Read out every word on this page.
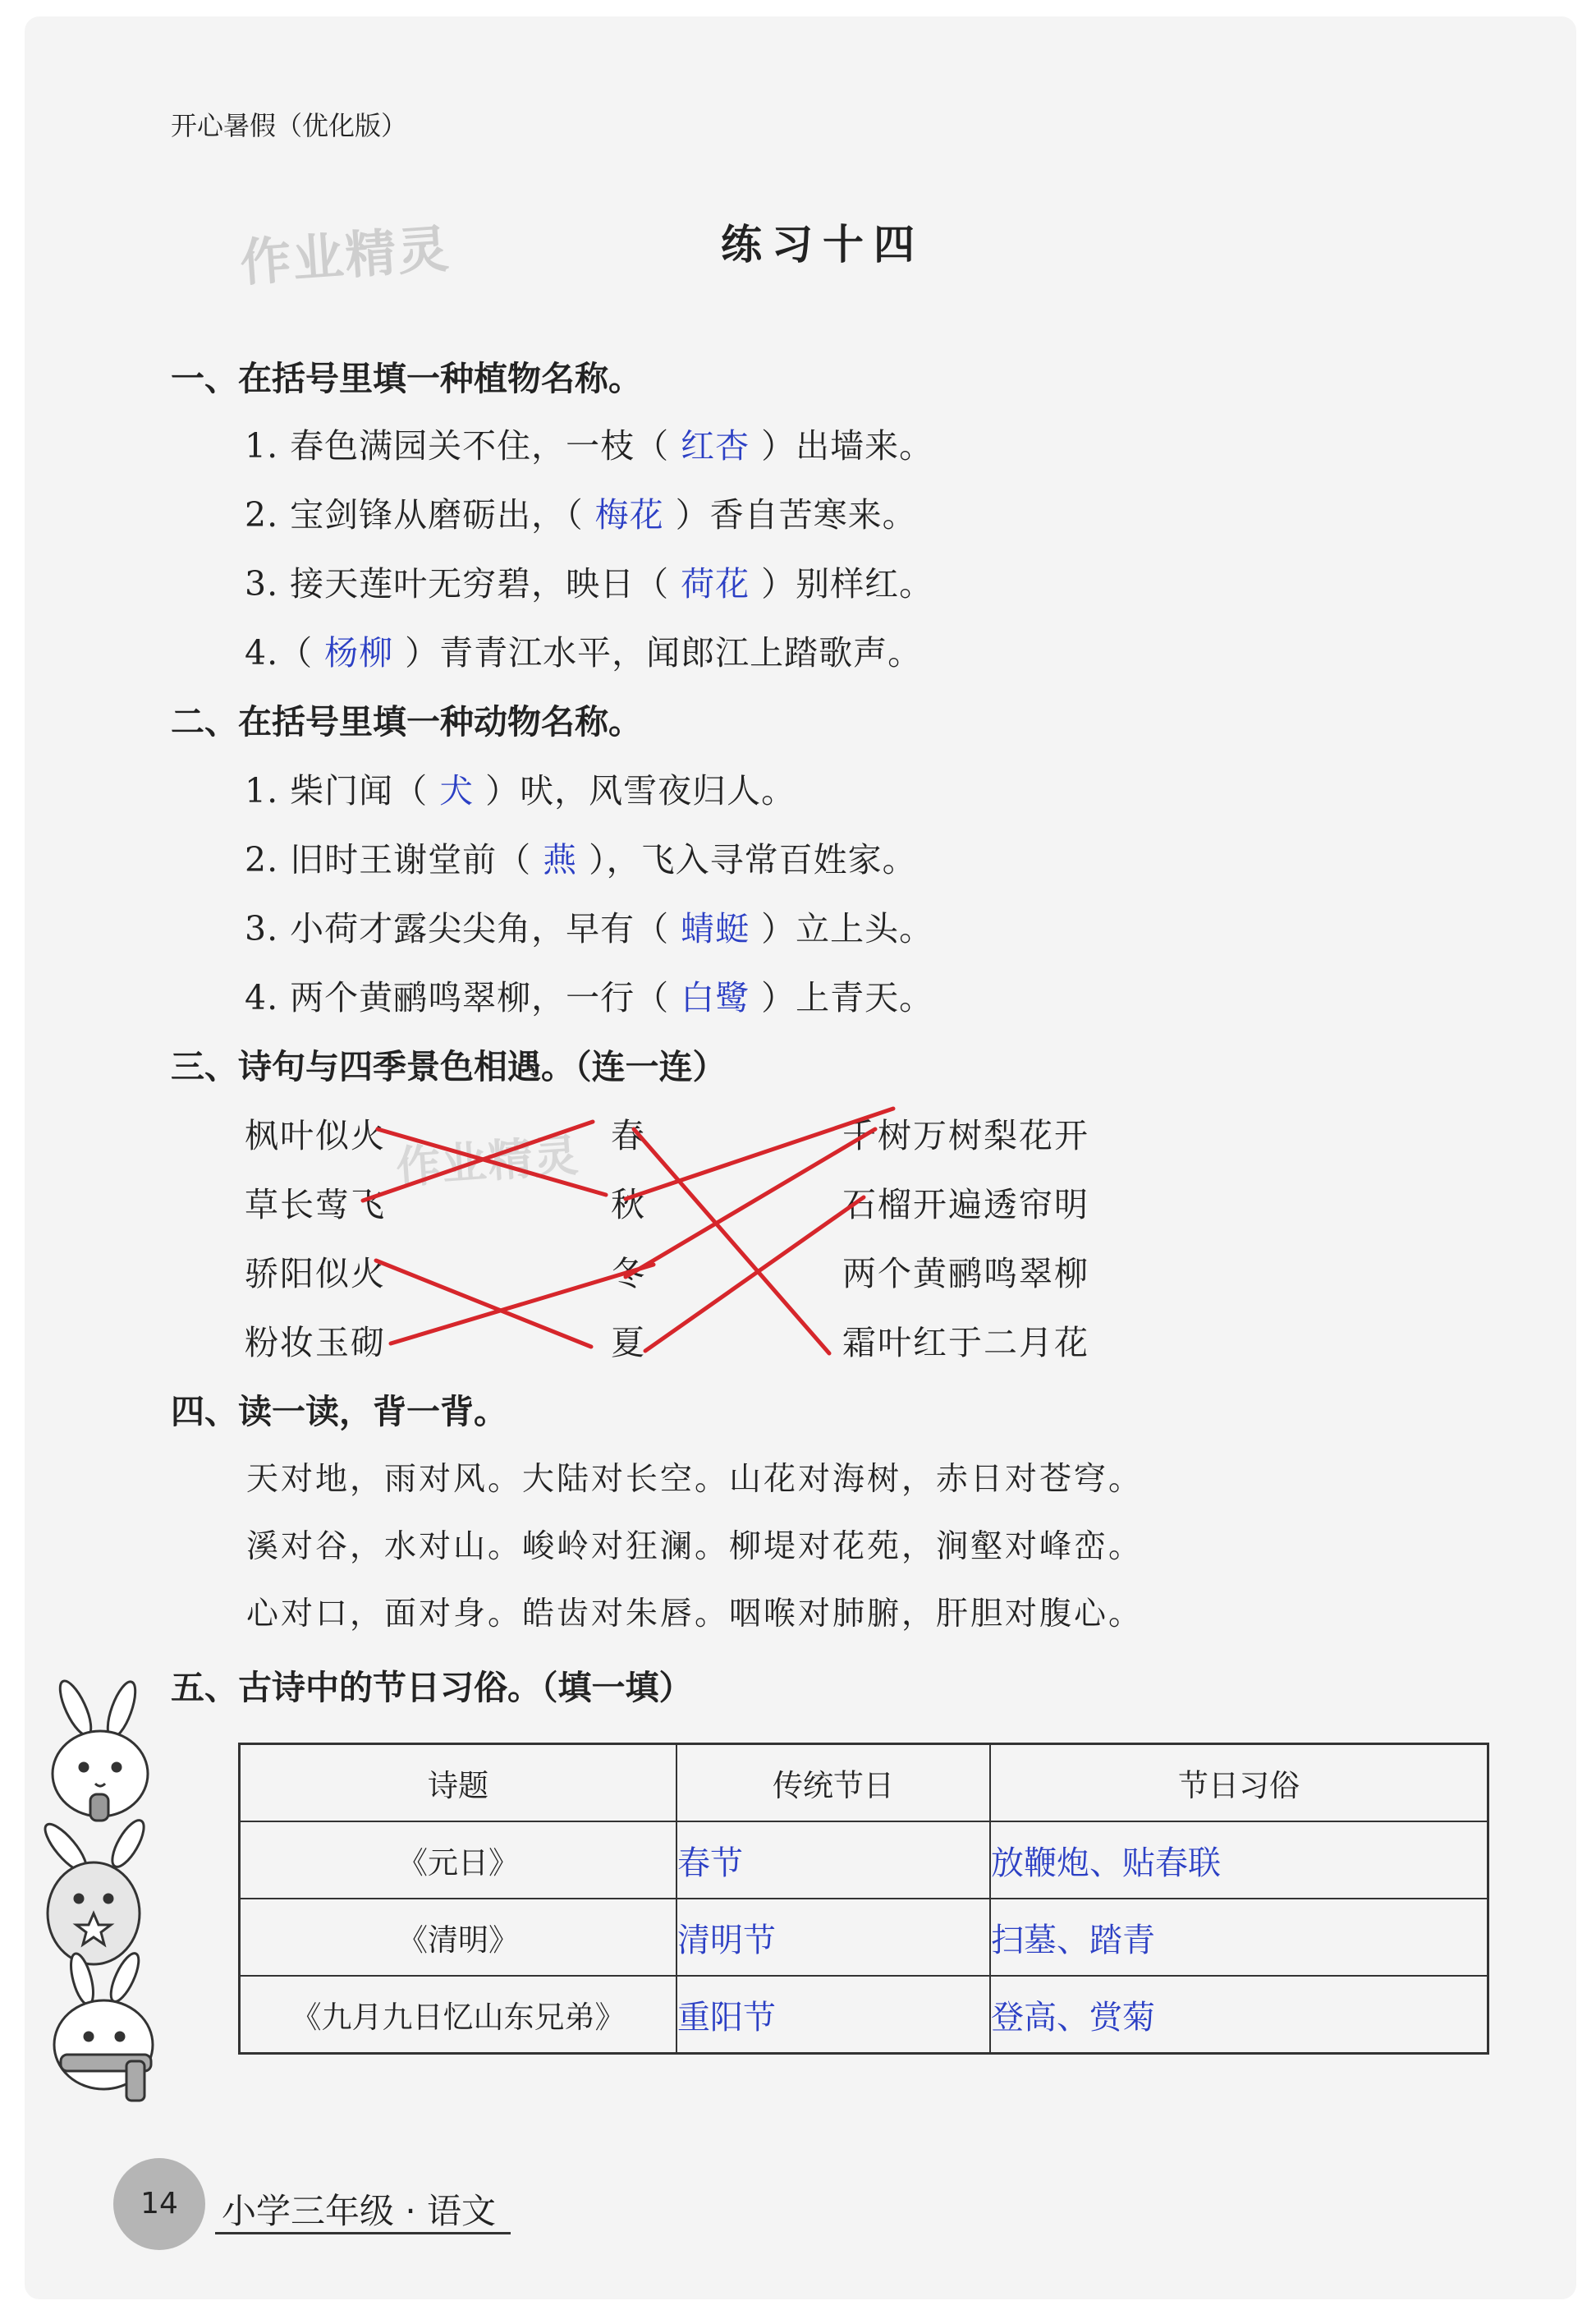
开心暑假（优化版）
作业精灵	练习十四
一、在括号里填一种植物名称。
1. 春色满园关不住，一枝（ 红杏 ）出墙来。
2. 宝剑锋从磨砺出，（ 梅花 ）香自苦寒来。
3. 接天莲叶无穷碧，映日（ 荷花 ）别样红。
4.（ 杨柳 ）青青江水平，闻郎江上踏歌声。
二、在括号里填一种动物名称。
1. 柴门闻（ 犬 ）吠，风雪夜归人。
2. 旧时王谢堂前（ 燕 ），飞入寻常百姓家。
3. 小荷才露尖尖角，早有（ 蜻蜓 ）立上头。
4. 两个黄鹂鸣翠柳，一行（ 白鹭 ）上青天。
三、诗句与四季景色相遇。（连一连）
枫叶似火
草长莺飞
骄阳似火
粉妆玉砌
春
秋
冬
夏
千树万树梨花开
石榴开遍透帘明
两个黄鹂鸣翠柳
霜叶红于二月花
作业精灵
四、读一读，背一背。
天对地，雨对风。大陆对长空。山花对海树，赤日对苍穹。
溪对谷，水对山。峻岭对狂澜。柳堤对花苑，涧壑对峰峦。
心对口，面对身。皓齿对朱唇。咽喉对肺腑，肝胆对腹心。
五、古诗中的节日习俗。（填一填）
诗题	传统节日	节日习俗
《元日》	春节	放鞭炮、贴春联
《清明》	清明节	扫墓、踏青
《九月九日忆山东兄弟》	重阳节	登高、赏菊
14	小学三年级 · 语文
